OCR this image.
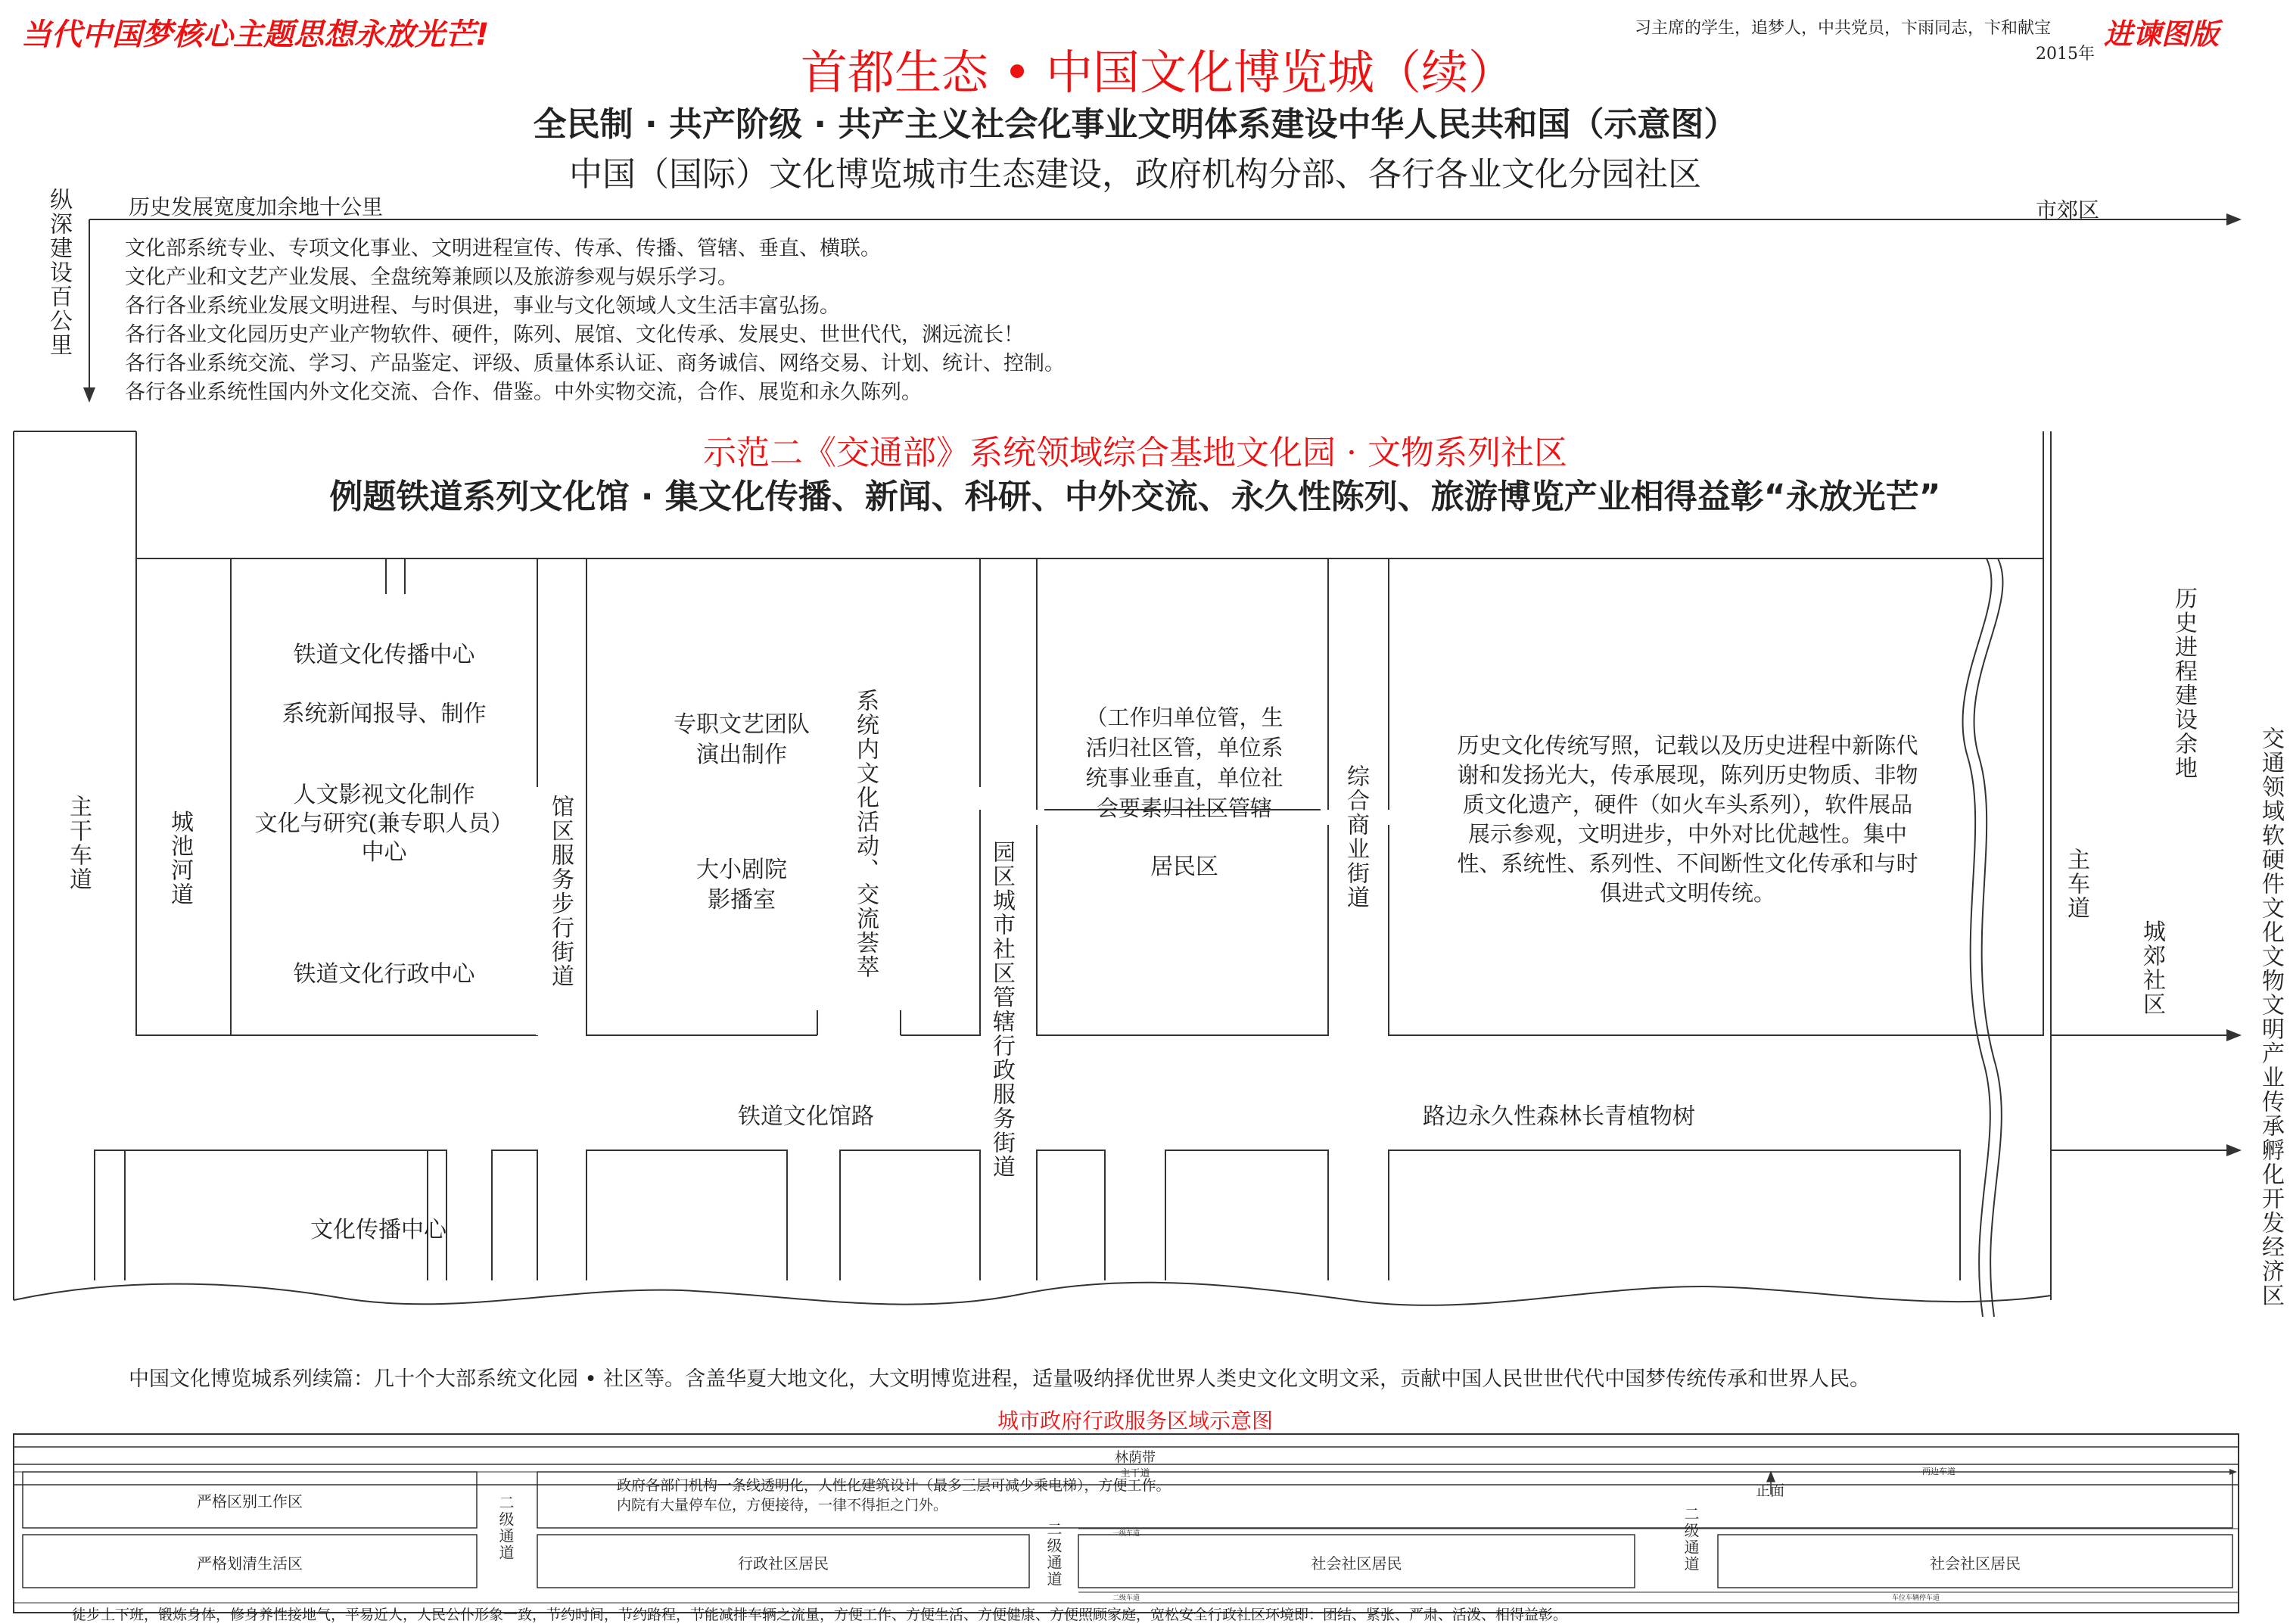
当代中国梦核心主题思想永放光芒!
首都生态 • 中国文化博览城（续）
全民制 · 共产阶级 · 共产主义社会化事业文明体系建设中华人民共和国（示意图）
中国（国际）文化博览城市生态建设，政府机构分部、各行各业文化分园社区
习主席的学生，追梦人，中共党员，卞雨同志，卞和献宝
2015年
进谏图版
历史发展宽度加余地十公里
纵深建设百公里	市郊区
文化部系统专业、专项文化事业、文明进程宣传、传承、传播、管辖、垂直、横联。
文化产业和文艺产业发展、全盘统筹兼顾以及旅游参观与娱乐学习。
各行各业系统业发展文明进程、与时俱进，事业与文化领域人文生活丰富弘扬。
各行各业文化园历史产业产物软件、硬件，陈列、展馆、文化传承、发展史、世世代代，渊远流长！
各行各业系统交流、学习、产品鉴定、评级、质量体系认证、商务诚信、网络交易、计划、统计、控制。
各行各业系统性国内外文化交流、合作、借鉴。中外实物交流，合作、展览和永久陈列。
示范二《交通部》系统领域综合基地文化园 · 文物系列社区
例题铁道系列文化馆 · 集文化传播、新闻、科研、中外交流、永久性陈列、旅游博览产业相得益彰“永放光芒”
主干车道	城池河道
铁道文化传播中心
系统新闻报导、制作
人文影视文化制作
文化与研究(兼专职人员）
中心
铁道文化行政中心	馆区服务步行街道
专职文艺团队
演出制作
大小剧院
影播室	系统内文化活动、交流荟萃
园区城市社区管辖行政服务街道
（工作归单位管，生
活归社区管，单位系
统事业垂直，单位社
会要素归社区管辖
居民区	综合商业街道
历史文化传统写照，记载以及历史进程中新陈代
谢和发扬光大，传承展现，陈列历史物质、非物
质文化遗产，硬件（如火车头系列），软件展品
展示参观，文明进步，中外对比优越性。集中
性、系统性、系列性、不间断性文化传承和与时
俱进式文明传统。	主车道
历史进程建设余地
城郊社区	交通领域软硬件文化文物文明产业传承孵化开发经济区
铁道文化馆路	路边永久性森林长青植物树
文化传播中心
中国文化博览城系列续篇：几十个大部系统文化园 • 社区等。含盖华夏大地文化，大文明博览进程，适量吸纳择优世界人类史文化文明文采，贡献中国人民世世代代中国梦传统传承和世界人民。
城市政府行政服务区域示意图
林荫带
主干道	两边车道
严格区别工作区
严格划清生活区
二级通道	二级通道	二级通道
政府各部门机构一条线透明化，人性化建筑设计（最多三层可减少乘电梯），方便工作。
内院有大量停车位，方便接待，一律不得拒之门外。
正面
行政社区居民	社会社区居民	社会社区居民
一级车道
二级车道	车位车辆停车道
徒步上下班，锻炼身体，修身养性接地气，平易近人，人民公仆形象一致，节约时间，节约路程，节能减排车辆之流量，方便工作、方便生活、方便健康、方便照顾家庭，宽松安全行政社区环境即：团结、紧张、严肃、活泼、相得益彰。
